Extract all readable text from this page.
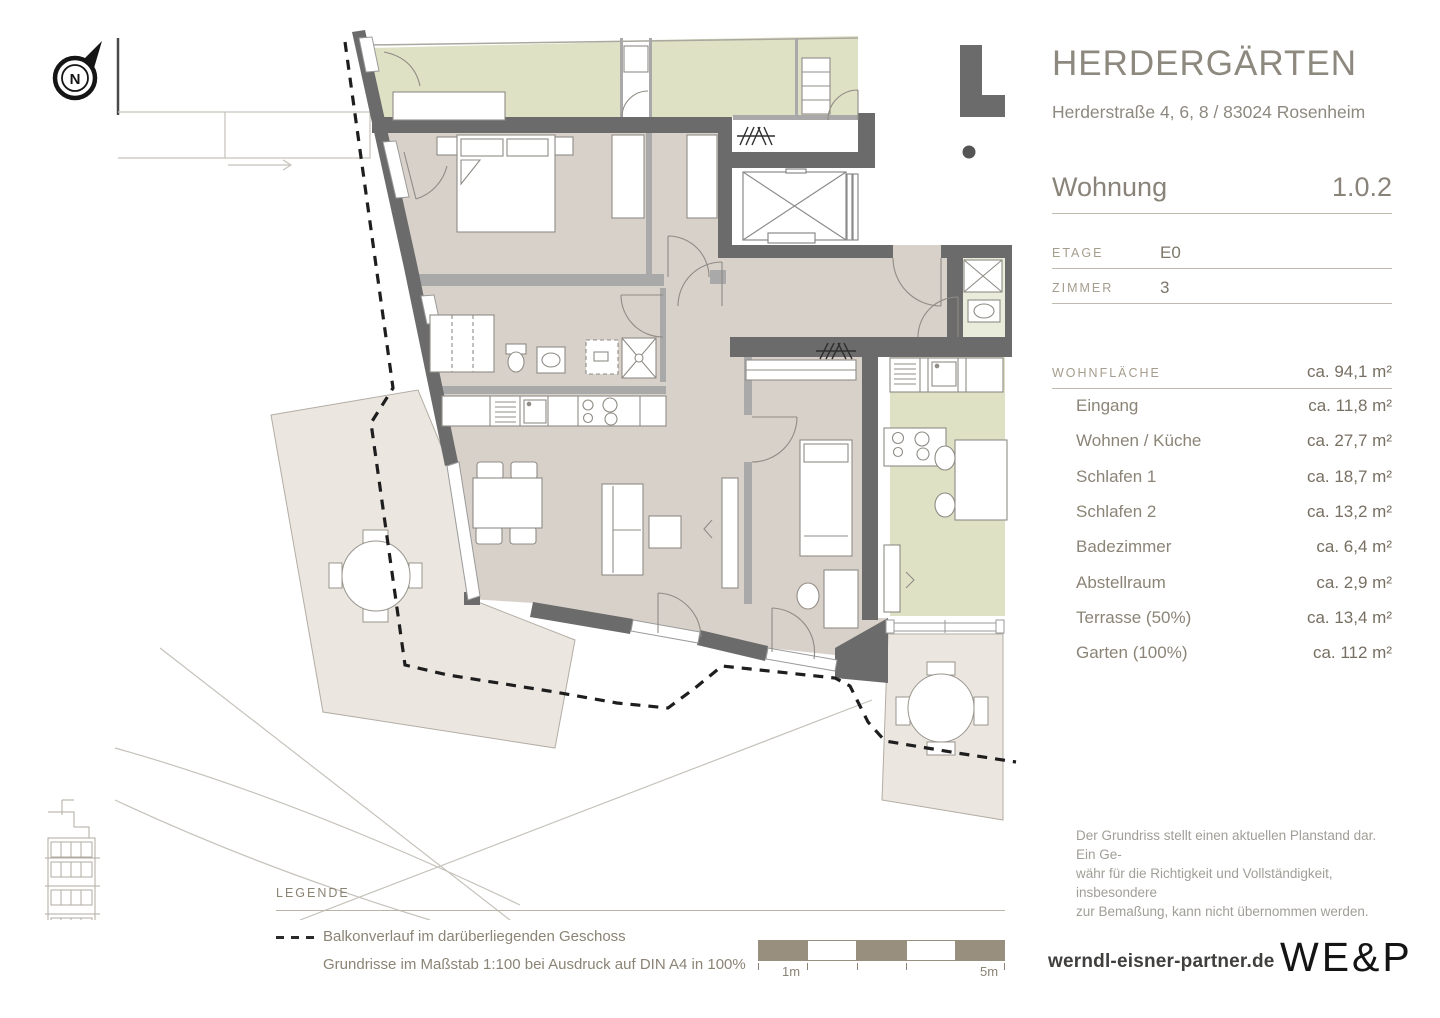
N
LEGENDE
Balkonverlauf im darüberliegenden Geschoss
Grundrisse im Maßstab 1:100 bei Ausdruck auf DIN A4 in 100%	1m	5m
HERDERGÄRTEN
Herderstraße 4, 6, 8 / 83024 Rosenheim
Wohnung	1.0.2
ETAGE	E0
ZIMMER	3
WOHNFLÄCHE	ca. 94,1 m²
Eingang	ca. 11,8 m²
Wohnen / Küche	ca. 27,7 m²
Schlafen 1	ca. 18,7 m²
Schlafen 2	ca. 13,2 m²
Badezimmer	ca. 6,4 m²
Abstellraum	ca. 2,9 m²
Terrasse (50%)	ca. 13,4 m²
Garten (100%)	ca. 112 m²
Der Grundriss stellt einen aktuellen Planstand dar. Ein Ge-
währ für die Richtigkeit und Vollständigkeit, insbesondere
zur Bemaßung, kann nicht übernommen werden.
werndl-eisner-partner.de WE&P
